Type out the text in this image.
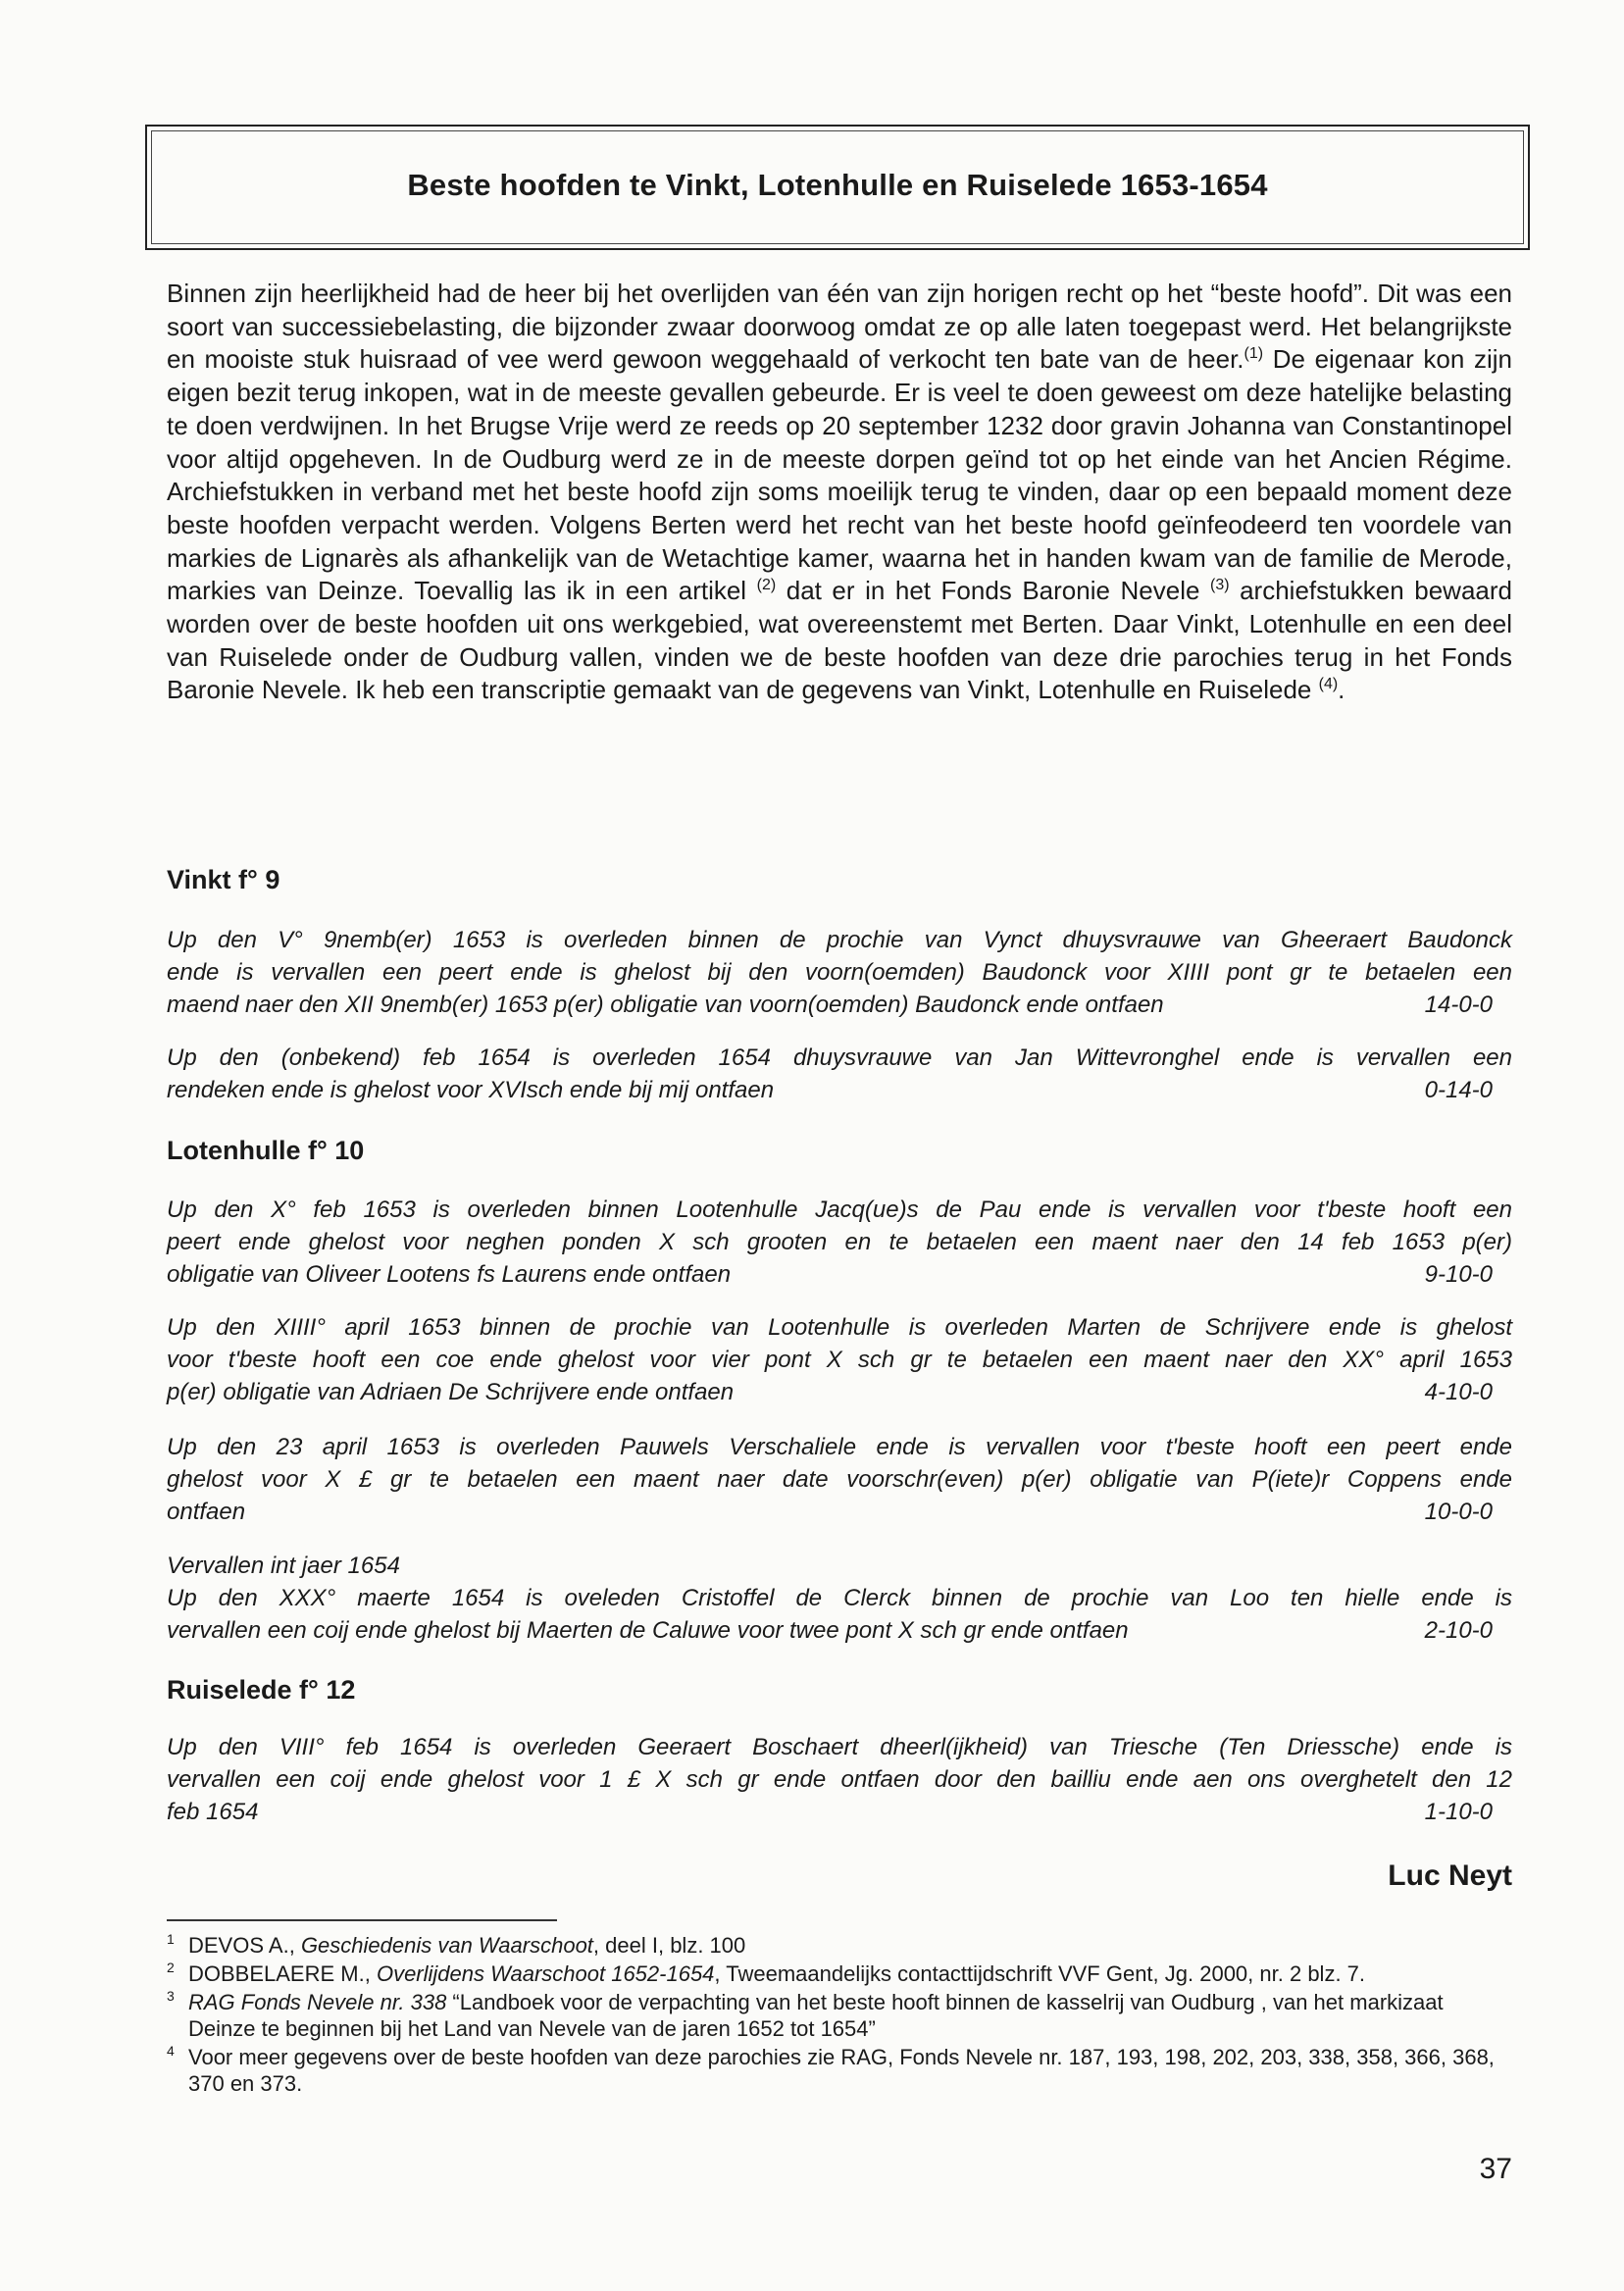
Beste hoofden te Vinkt, Lotenhulle en Ruiselede 1653-1654

Binnen zijn heerlijkheid had de heer bij het overlijden van één van zijn horigen recht op het “beste hoofd”. Dit was een soort van successiebelasting, die bijzonder zwaar doorwoog omdat ze op alle laten toegepast werd. Het belangrijkste en mooiste stuk huisraad of vee werd gewoon weggehaald of verkocht ten bate van de heer.$^{(1)}$ De eigenaar kon zijn eigen bezit terug inkopen, wat in de meeste gevallen gebeurde. Er is veel te doen geweest om deze hatelijke belasting te doen verdwijnen. In het Brugse Vrije werd ze reeds op 20 september 1232 door gravin Johanna van Constantinopel voor altijd opgeheven. In de Oudburg werd ze in de meeste dorpen geïnd tot op het einde van het Ancien Régime. Archiefstukken in verband met het beste hoofd zijn soms moeilijk terug te vinden, daar op een bepaald moment deze beste hoofden verpacht werden. Volgens Berten werd het recht van het beste hoofd geïnfeodeerd ten voordele van markies de Lignarès als afhankelijk van de Wetachtige kamer, waarna het in handen kwam van de familie de Merode, markies van Deinze. Toevallig las ik in een artikel $^{(2)}$ dat er in het Fonds Baronie Nevele $^{(3)}$ archiefstukken bewaard worden over de beste hoofden uit ons werkgebied, wat overeenstemt met Berten. Daar Vinkt, Lotenhulle en een deel van Ruiselede onder de Oudburg vallen, vinden we de beste hoofden van deze drie parochies terug in het Fonds Baronie Nevele. Ik heb een transcriptie gemaakt van de gegevens van Vinkt, Lotenhulle en Ruiselede $^{(4)}$.

Vinkt f° 9
Up den V° 9nemb(er) 1653 is overleden binnen de prochie van Vynct dhuysvrauwe van Gheeraert Baudonck
ende is vervallen een peert ende is ghelost bij den voorn(oemden) Baudonck voor XIIII pont gr te betaelen een
maend naer den XII 9nemb(er) 1653 p(er) obligatie van voorn(oemden) Baudonck ende ontfaen	14-0-0
Up den (onbekend) feb 1654 is overleden 1654 dhuysvrauwe van Jan Wittevronghel ende is vervallen een
rendeken ende is ghelost voor XVIsch ende bij mij ontfaen	0-14-0
Lotenhulle f° 10
Up den X° feb 1653 is overleden binnen Lootenhulle Jacq(ue)s de Pau ende is vervallen voor t'beste hooft een
peert ende ghelost voor neghen ponden X sch grooten en te betaelen een maent naer den 14 feb 1653 p(er)
obligatie van Oliveer Lootens fs Laurens ende ontfaen	9-10-0
Up den XIIII° april 1653 binnen de prochie van Lootenhulle is overleden Marten de Schrijvere ende is ghelost
voor t'beste hooft een coe ende ghelost voor vier pont X sch gr te betaelen een maent naer den XX° april 1653
p(er) obligatie van Adriaen De Schrijvere ende ontfaen	4-10-0
Up den 23 april 1653 is overleden Pauwels Verschaliele ende is vervallen voor t'beste hooft een peert ende
ghelost voor X £ gr te betaelen een maent naer date voorschr(even) p(er) obligatie van P(iete)r Coppens ende
ontfaen	10-0-0
Vervallen int jaer 1654
Up den XXX° maerte 1654 is oveleden Cristoffel de Clerck binnen de prochie van Loo ten hielle ende is
vervallen een coij ende ghelost bij Maerten de Caluwe voor twee pont X sch gr ende ontfaen	2-10-0
Ruiselede f° 12
Up den VIII° feb 1654 is overleden Geeraert Boschaert dheerl(ijkheid) van Triesche (Ten Driessche) ende is
vervallen een coij ende ghelost voor 1 £ X sch gr ende ontfaen door den bailliu ende aen ons overghetelt den 12
feb 1654	1-10-0
Luc Neyt

1 DEVOS A., Geschiedenis van Waarschoot, deel I, blz. 100

2 DOBBELAERE M., Overlijdens Waarschoot 1652-1654, Tweemaandelijks contacttijdschrift VVF Gent, Jg. 2000, nr. 2 blz. 7.

3 RAG Fonds Nevele nr. 338 “Landboek voor de verpachting van het beste hooft binnen de kasselrij van Oudburg , van het markizaat Deinze te beginnen bij het Land van Nevele van de jaren 1652 tot 1654”

4 Voor meer gegevens over de beste hoofden van deze parochies zie RAG, Fonds Nevele nr. 187, 193, 198, 202, 203, 338, 358, 366, 368, 370 en 373.

37
